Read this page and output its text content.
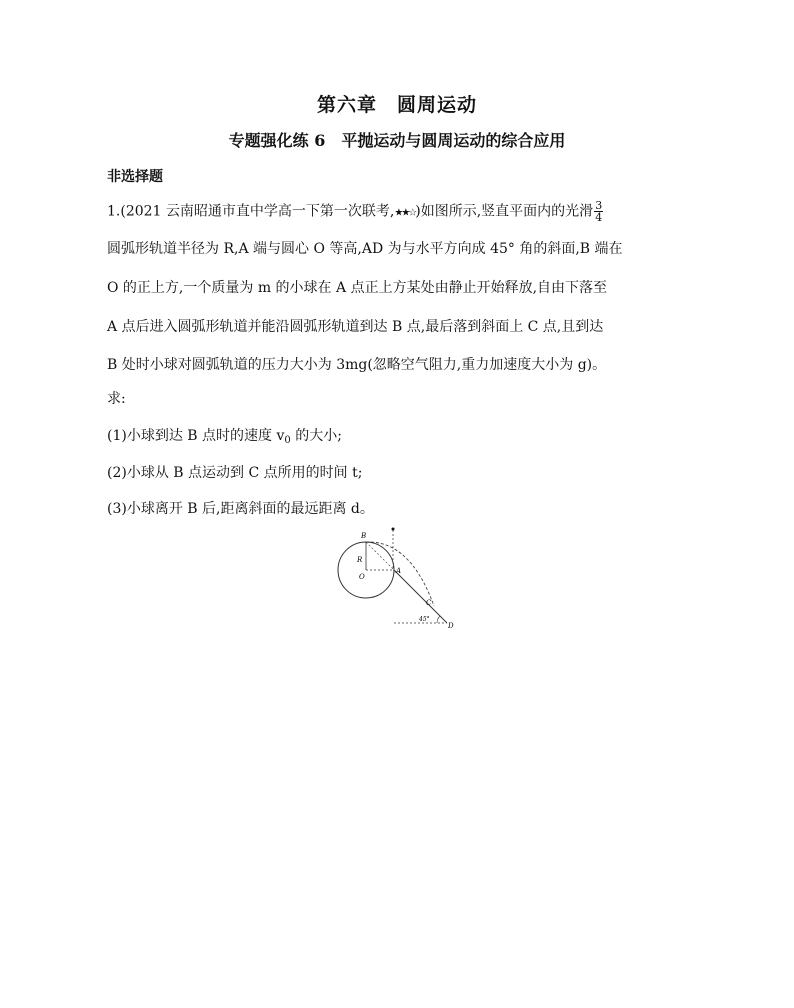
第六章　圆周运动
专题强化练 6　平抛运动与圆周运动的综合应用
非选择题
1.(2021 云南昭通市直中学高一下第一次联考,★★☆)如图所示,竖直平面内的光滑 $\frac{3}{4}$
圆弧形轨道半径为 R,A 端与圆心 O 等高,AD 为与水平方向成 45° 角的斜面,B 端在
O 的正上方,一个质量为 m 的小球在 A 点正上方某处由静止开始释放,自由下落至
A 点后进入圆弧形轨道并能沿圆弧形轨道到达 B 点,最后落到斜面上 C 点,且到达
B 处时小球对圆弧轨道的压力大小为 3mg(忽略空气阻力,重力加速度大小为 g)。
求:
(1)小球到达 B 点时的速度 $v_0$ 的大小;
(2)小球从 B 点运动到 C 点所用的时间 t;
(3)小球离开 B 后,距离斜面的最远距离 d。
B
R
O
A
C
D
45°
